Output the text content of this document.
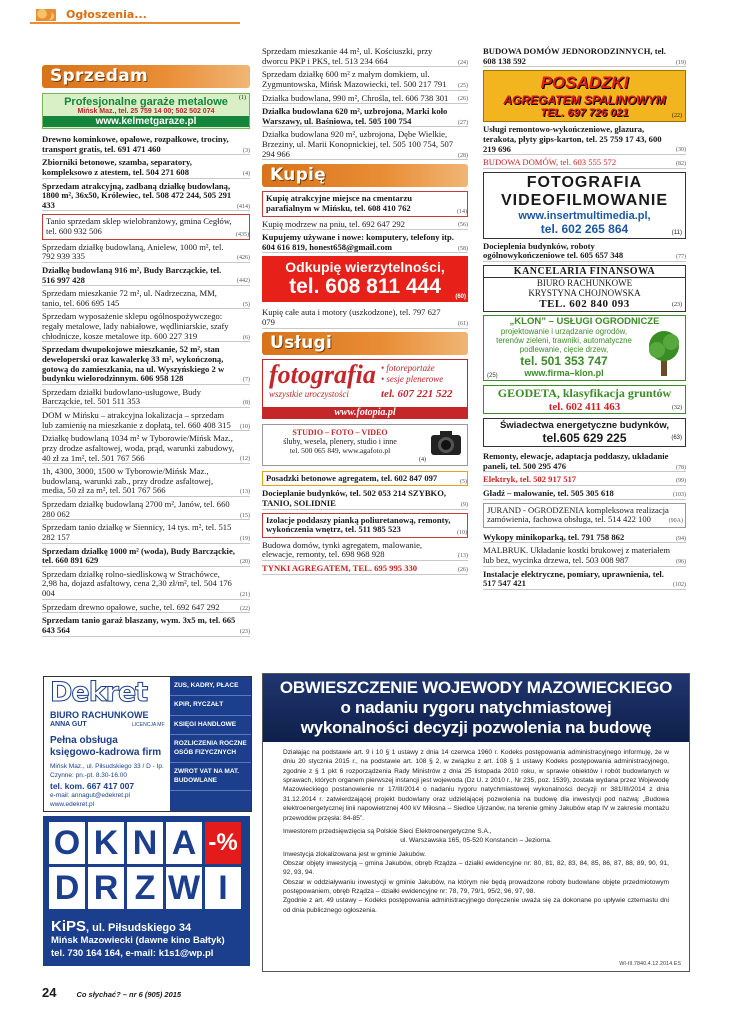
Ogłoszenia...
Sprzedam
Profesjonalne garaże metalowe	(1)
Mińsk Maz., tel. 25 759 14 00; 502 502 074
www.kelmetgaraze.pl
Drewno kominkowe, opałowe, rozpałkowe, trociny, transport gratis, tel. 691 471 460	(3)
Zbiorniki betonowe, szamba, separatory, kompleksowo z atestem, tel. 504 271 608	(4)
Sprzedam atrakcyjną, zadbaną działkę budowlaną, 1800 m², 36x50, Królewiec, tel. 508 472 244, 505 291 433	(414)
Tanio sprzedam sklep wielobranżowy, gmina Cegłów, tel. 600 932 506	(435)
Sprzedam działkę budowlaną, Anielew, 1000 m², tel. 792 939 335	(426)
Działkę budowlaną 916 m², Budy Barcząckie, tel. 516 997 428	(442)
Sprzedam mieszkanie 72 m², ul. Nadrzeczna, MM, tanio, tel. 606 695 145	(5)
Sprzedam wyposażenie sklepu ogólnospożywczego: regały metalowe, lady nabiałowe, wędliniarskie, szafy chłodnicze, kosze metalowe itp. 600 227 319	(6)
Sprzedam dwupokojowe mieszkanie, 52 m², stan deweloperski oraz kawalerkę 33 m², wykończoną, gotową do zamieszkania, na ul. Wyszyńskiego 2 w budynku wielorodzinnym. 606 958 128	(7)
Sprzedam działki budowlano-usługowe, Budy Barcząckie, tel. 501 511 353	(8)
DOM w Mińsku – atrakcyjna lokalizacja – sprzedam lub zamienię na mieszkanie z dopłatą, tel. 660 408 315 (10)
Działkę budowlaną 1034 m² w Tyborowie/Mińsk Maz., przy drodze asfaltowej, woda, prąd, warunki zabudowy, 40 zł za 1m², tel. 501 767 566	(12)
1h, 4300, 3000, 1500 w Tyborowie/Mińsk Maz., budowlaną, warunki zab., przy drodze asfaltowej, media, 50 zł za m², tel. 501 767 566	(13)
Sprzedam działkę budowlaną 2700 m², Janów, tel. 660 280 062	(15)
Sprzedam tanio działkę w Siennicy, 14 tys. m², tel. 515 282 157	(19)
Sprzedam działkę 1000 m² (woda), Budy Barcząckie, tel. 660 891 629	(20)
Sprzedam działkę rolno-siedliskową w Strachówce, 2,98 ha, dojazd asfaltowy, cena 2,30 zł/m², tel. 504 176 004	(21)
Sprzedam drewno opałowe, suche, tel. 692 647 292	(22)
Sprzedam tanio garaż blaszany, wym. 3x5 m, tel. 665 643 564	(23)
Sprzedam mieszkanie 44 m², ul. Kościuszki, przy dworcu PKP i PKS, tel. 513 234 664	(24)
Sprzedam działkę 600 m² z małym domkiem, ul. Zygmuntowska, Mińsk Mazowiecki, tel. 500 217 791 (25)
Działka budowlana, 990 m², Chrośla, tel. 606 738 301 (26)
Działka budowlana 620 m², uzbrojona, Marki koło Warszawy, ul. Baśniowa, tel. 505 100 754	(27)
Działka budowlana 920 m², uzbrojona, Dębe Wielkie, Brzeziny, ul. Marii Konopnickiej, tel. 505 100 754, 507 294 966	(28)
Kupię
Kupię atrakcyjne miejsce na cmentarzu parafialnym w Mińsku, tel. 608 410 762	(14)
Kupię modrzew na pniu, tel. 692 647 292	(56)
Kupujemy używane i nowe: komputery, telefony itp. 604 616 819, honest658@gmail.com	(58)
Odkupię wierzytelności,
tel. 608 811 444	(60)
Kupię całe auta i motory (uszkodzone), tel. 797 627 079	(61)
Usługi
fotografia • fotoreportaże
• sesje plenerowe
wszystkie uroczystości	tel. 607 221 522
www.fotopia.pl
STUDIO – FOTO – VIDEO
śluby, wesela, plenery, studio i inne
tel. 500 065 849, www.agafoto.pl
(4)
Posadzki betonowe agregatem, tel. 602 847 097	(5)
Docieplanie budynków, tel. 502 053 214 SZYBKO, TANIO, SOLIDNIE	(9)
Izolacje poddaszy pianką poliuretanową, remonty, wykończenia wnętrz, tel. 511 985 523	(10)
Budowa domów, tynki agregatem, malowanie, elewacje, remonty, tel. 698 968 928	(13)
TYNKI AGREGATEM, TEL. 695 995 330	(26)
BUDOWA DOMÓW JEDNORODZINNYCH, tel. 608 138 592	(19)
POSADZKI
AGREGATEM SPALINOWYM
TEL. 697 726 021	(22)
Usługi remontowo-wykończeniowe, glazura, terakota, płyty gips-karton, tel. 25 759 17 43, 600 219 696	(30)
BUDOWA DOMÓW, tel. 603 555 572	(82)
FOTOGRAFIA
VIDEOFILMOWANIE
www.insertmultimedia.pl,
tel. 602 265 864	(11)
Docieplenia budynków, roboty ogólnowykończeniowe tel. 605 657 348	(77)
KANCELARIA FINANSOWA
BIURO RACHUNKOWE
KRYSTYNA CHOJNOWSKA
TEL. 602 840 093	(23)
„KLON” – USŁUGI OGRODNICZE
projektowanie i urządzanie ogrodów,
terenów zieleni, trawniki, automatyczne
podlewanie, cięcie drzew,
tel. 501 353 747
www.firma–klon.pl
(25)
GEODETA, klasyfikacja gruntów
tel. 602 411 463	(32)
Świadectwa energetyczne budynków,
tel.605 629 225	(63)
Remonty, elewacje, adaptacja poddaszy, układanie paneli, tel. 500 295 476	(78)
Elektryk, tel. 502 917 517	(99)
Gładź – malowanie, tel. 505 305 618	(103)
JURAND - OGRODZENIA kompleksowa realizacja zamówienia, fachowa obsługa, tel. 514 422 100	(90A)
Wykopy minikoparką, tel. 791 758 862	(94)
MALBRUK. Układanie kostki brukowej z materiałem lub bez, wycinka drzewa, tel. 503 008 987	(96)
Instalacje elektryczne, pomiary, uprawnienia, tel. 517 547 421	(102)
Dekret
BIURO RACHUNKOWE
ANNA GUT	LICENCJA MF
Pełna obsługa
księgowo-kadrowa firm
Mińsk Maz., ul. Piłsudskiego 33 / D - Ip.
Czynne: pn.-pt. 8.30-16.00
tel. kom. 667 417 007
e-mail: annagut@edekret.pl
www.edekret.pl
ZUS, KADRY, PŁACE
KPiR, RYCZAŁT
KSIĘGI HANDLOWE
ROZLICZENIA ROCZNE OSÓB FIZYCZNYCH
ZWROT VAT NA MAT. BUDOWLANE
O K N A -%
D R Z W I
KiPS, ul. Piłsudskiego 34
Mińsk Mazowiecki (dawne kino Bałtyk)
tel. 730 164 164, e-mail: k1s1@wp.pl
OBWIESZCZENIE WOJEWODY MAZOWIECKIEGO
o nadaniu rygoru natychmiastowej
wykonalności decyzji pozwolenia na budowę
Działając na podstawie art. 9 i 10 § 1 ustawy z dnia 14 czerwca 1960 r. Kodeks postępowania administracyjnego informuję, że w dniu 20 stycznia 2015 r., na podstawie art. 108 § 2, w związku z art. 108 § 1 ustawy Kodeks postępowania administracyjnego, zgodnie z § 1 pkt 6 rozporządzenia Rady Ministrów z dnia 25 listopada 2010 roku, w sprawie obiektów i robót budowlanych w sprawach, których organem pierwszej instancji jest wojewoda (Dz U. z 2010 r., Nr 235, poz. 1539), została wydana przez Wojewodę Mazowieckiego postanowienie nr 17/III/2014 o nadaniu rygoru natychmiastowej wykonalności decyzji nr 381/III/2014 z dnia 31.12.2014 r. zatwierdzającej projekt budowlany oraz udzielającej pozwolenia na budowę dla inwestycji pod nazwą: „Budowa elektroenergetycznej linii napowietrznej 400 kV Miłosna – Siedlce Ujrzanów, na terenie gminy Jakubów etap IV w zakresie montażu przewodów przęsła: 84-85”.
Inwestorem przedsięwzięcia są Polskie Sieci Elektroenergetyczne S.A.,
ul. Warszawska 165, 05-520 Konstancin – Jeziorna.
Inwestycja zlokalizowana jest w gminie Jakubów.
Obszar objęty inwestycją – gmina Jakubów, obręb Rządza – działki ewidencyjne nr: 80, 81, 82, 83, 84, 85, 86, 87, 88, 89, 90, 91, 92, 93, 94.
Obszar w oddziaływaniu inwestycji w gminie Jakubów, na którym nie będą prowadzone roboty budowlane objęte przedmiotowym postępowaniem, obręb Rządza – działki ewidencyjne nr: 78, 79, 79/1, 95/2, 96, 97, 98.
Zgodnie z art. 49 ustawy – Kodeks postępowania administracyjnego doręczenie uważa się za dokonane po upływie czternastu dni od dnia publicznego ogłoszenia.
WI-III.7840.4.12.2014.ES
24	Co słychać? – nr 6 (905) 2015
